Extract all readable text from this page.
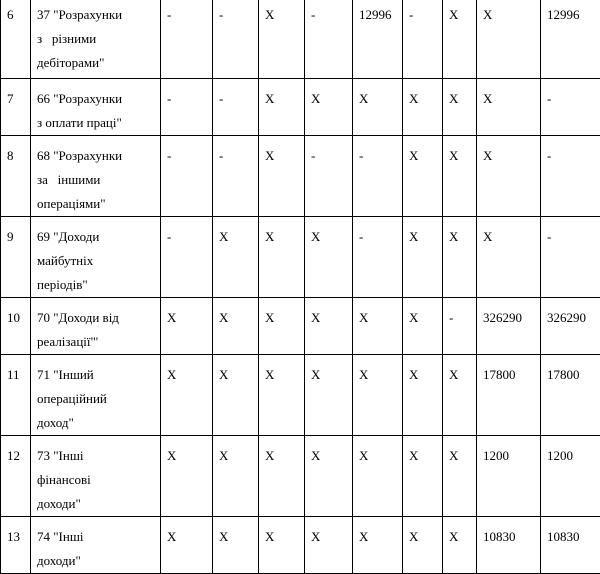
6	37 "Розрахунки
з   різними
дебіторами"	-	-	X	-	12996	-	X	X	12996
7	66 "Розрахунки
з оплати праці"	-	-	X	X	X	X	X	X	-
8	68 "Розрахунки
за   іншими
операціями"	-	-	X	-	-	X	X	X	-
9	69 "Доходи
майбутніх
періодів"	-	X	X	X	-	X	X	X	-
10	70 "Доходи від
реалізації"'	X	X	X	X	X	X	-	326290	326290
11	71 "Інший
операційний
доход"	X	X	X	X	X	X	X	17800	17800
12	73 "Інші
фінансові
доходи"	X	X	X	X	X	X	X	1200	1200
13	74 "Інші
доходи"	X	X	X	X	X	X	X	10830	10830
